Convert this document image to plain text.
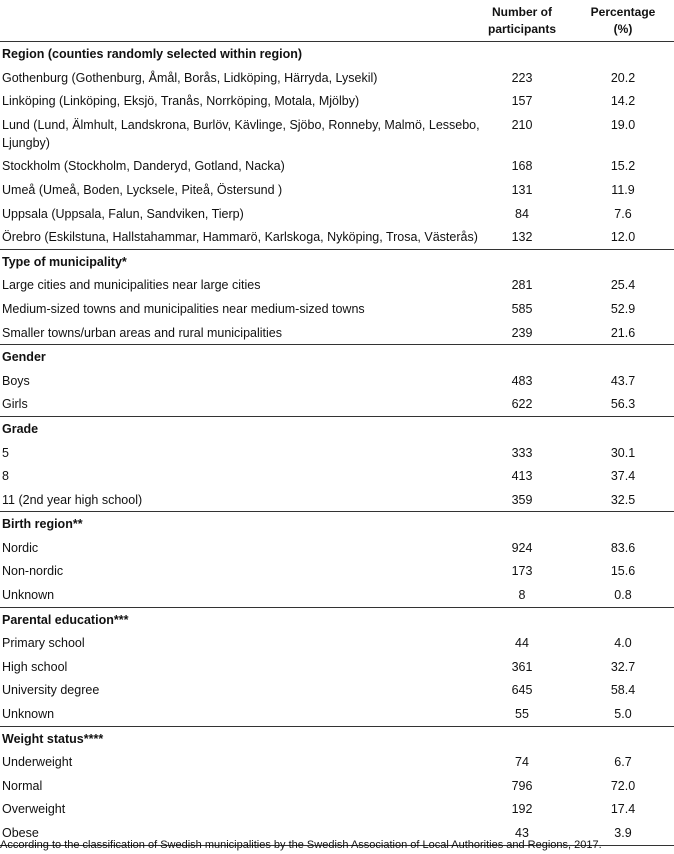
Number of
participants
Percentage
(%)
Region (counties randomly selected within region)
Gothenburg (Gothenburg, Åmål, Borås, Lidköping, Härryda, Lysekil)	223	20.2
Linköping (Linköping, Eksjö, Tranås, Norrköping, Motala, Mjölby)	157	14.2
Lund (Lund, Älmhult, Landskrona, Burlöv, Kävlinge, Sjöbo, Ronneby, Malmö, Lessebo, Ljungby)
210	19.0
Stockholm (Stockholm, Danderyd, Gotland, Nacka)	168	15.2
Umeå (Umeå, Boden, Lycksele, Piteå, Östersund )	131	11.9
Uppsala (Uppsala, Falun, Sandviken, Tierp)	84	7.6
Örebro (Eskilstuna, Hallstahammar, Hammarö, Karlskoga, Nyköping, Trosa, Västerås)	132	12.0
Type of municipality*
Large cities and municipalities near large cities	281	25.4
Medium-sized towns and municipalities near medium-sized towns	585	52.9
Smaller towns/urban areas and rural municipalities	239	21.6
Gender
Boys	483	43.7
Girls	622	56.3
Grade
5	333	30.1
8	413	37.4
11 (2nd year high school)	359	32.5
Birth region**
Nordic	924	83.6
Non-nordic	173	15.6
Unknown	8	0.8
Parental education***
Primary school	44	4.0
High school	361	32.7
University degree	645	58.4
Unknown	55	5.0
Weight status****
Underweight	74	6.7
Normal	796	72.0
Overweight	192	17.4
Obese	43	3.9
According to the classification of Swedish municipalities by the Swedish Association of Local Authorities and Regions, 2017.
